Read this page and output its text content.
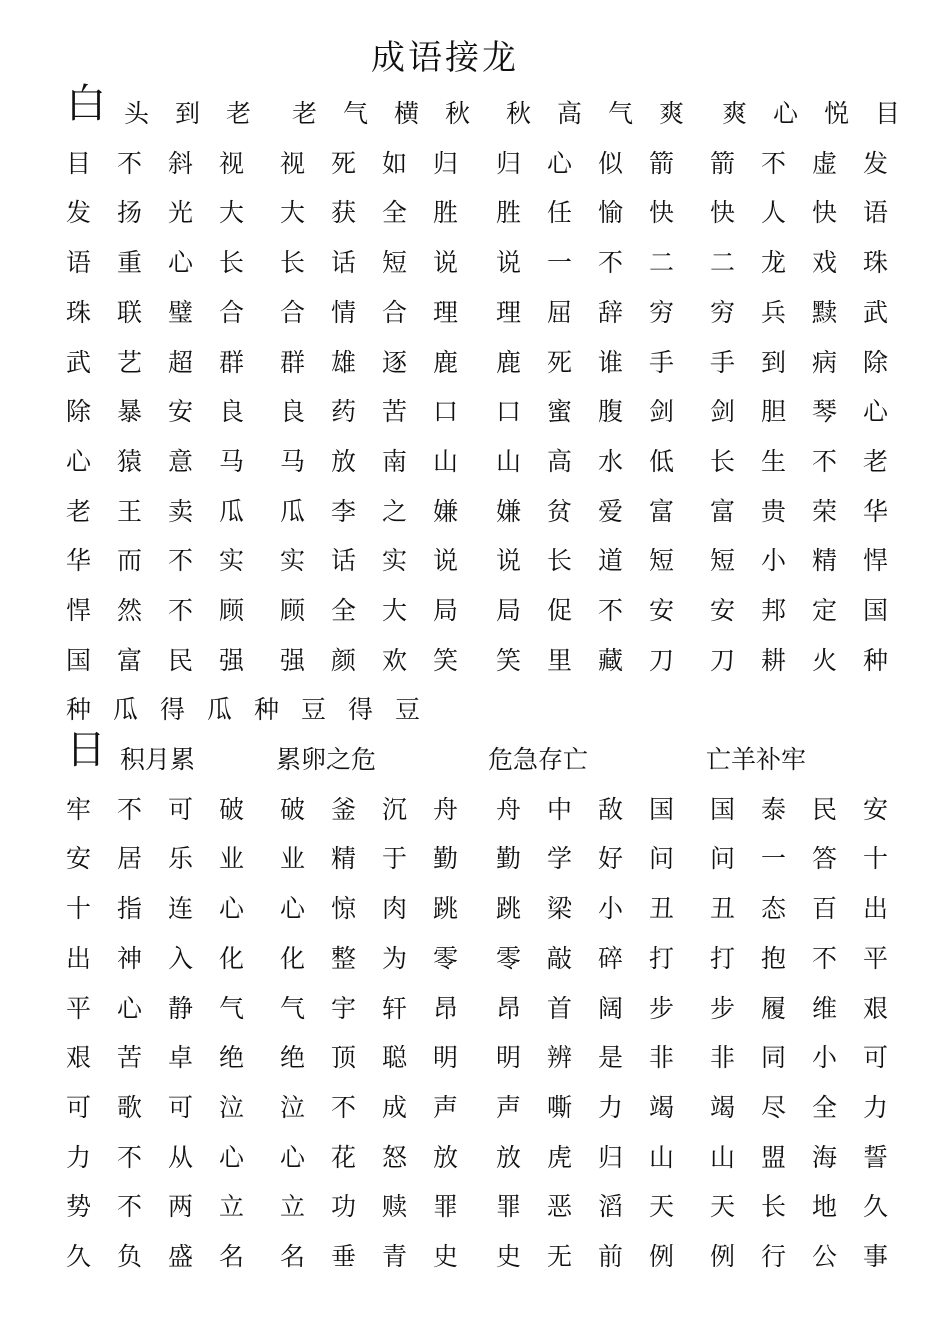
成语接龙
白 头到老 老气横秋 秋高气爽 爽心悦目
目不斜视 视死如归 归心似箭 箭不虚发
发扬光大 大获全胜 胜任愉快 快人快语
语重心长 长话短说 说一不二 二龙戏珠
珠联璧合 合情合理 理屈辞穷 穷兵黩武
武艺超群 群雄逐鹿 鹿死谁手 手到病除
除暴安良 良药苦口 口蜜腹剑 剑胆琴心
心猿意马 马放南山 山高水低 长生不老
老王卖瓜 瓜李之嫌 嫌贫爱富 富贵荣华
华而不实 实话实说 说长道短 短小精悍
悍然不顾 顾全大局 局促不安 安邦定国
国富民强 强颜欢笑 笑里藏刀 刀耕火种
种瓜得瓜种豆得豆
日 积月累	累卵之危	危急存亡	亡羊补牢
牢不可破 破釜沉舟 舟中敌国 国泰民安
安居乐业 业精于勤 勤学好问 问一答十
十指连心 心惊肉跳 跳梁小丑 丑态百出
出神入化 化整为零 零敲碎打 打抱不平
平心静气 气宇轩昂 昂首阔步 步履维艰
艰苦卓绝 绝顶聪明 明辨是非 非同小可
可歌可泣 泣不成声 声嘶力竭 竭尽全力
力不从心 心花怒放 放虎归山 山盟海誓
势不两立 立功赎罪 罪恶滔天 天长地久
久负盛名 名垂青史 史无前例 例行公事
